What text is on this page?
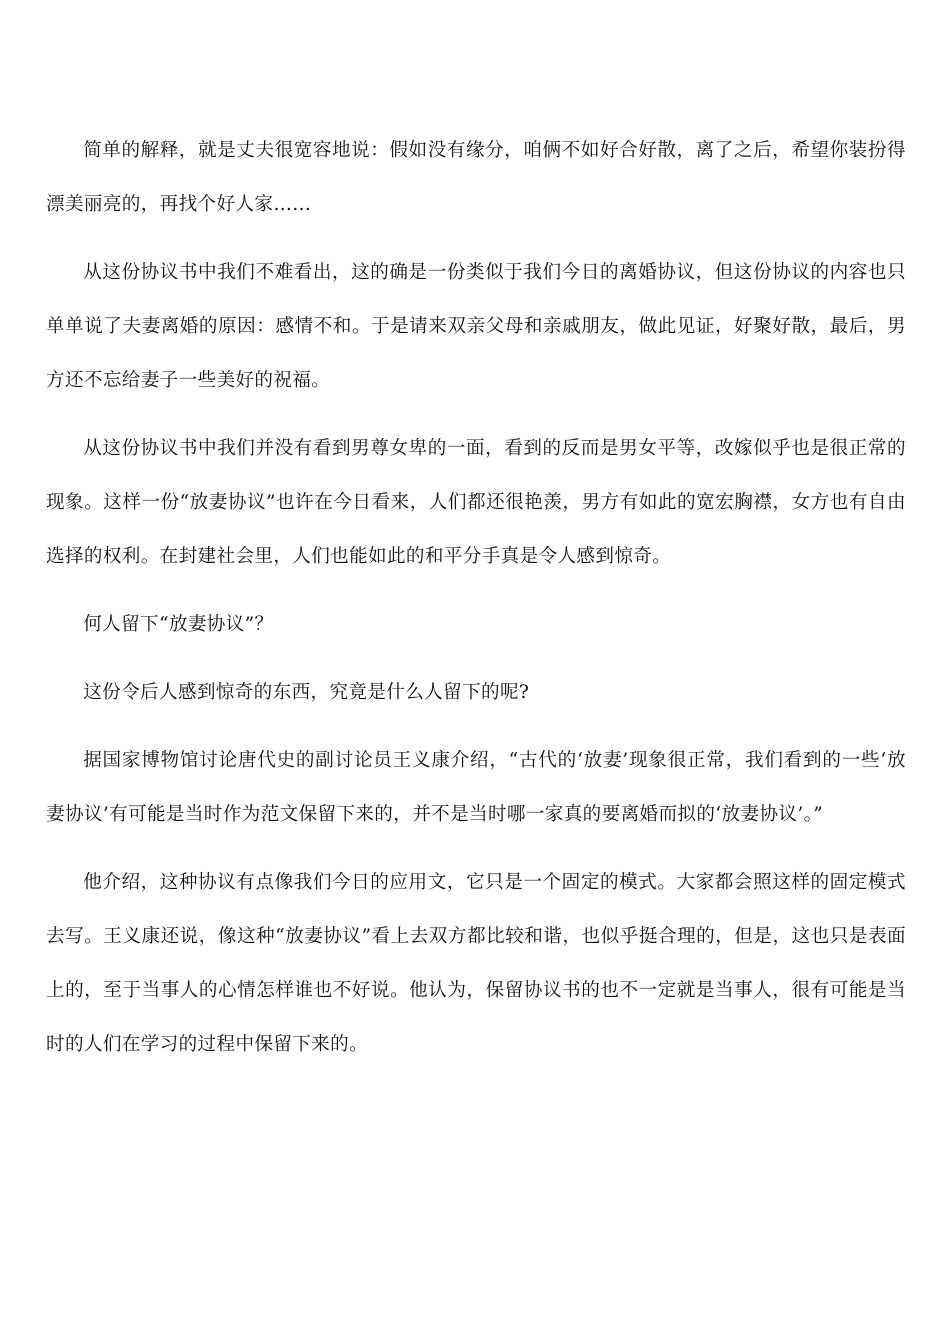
简单的解释，就是丈夫很宽容地说：假如没有缘分，咱俩不如好合好散，离了之后，希望你装扮得漂美丽亮的，再找个好人家……

从这份协议书中我们不难看出，这的确是一份类似于我们今日的离婚协议，但这份协议的内容也只单单说了夫妻离婚的原因：感情不和。于是请来双亲父母和亲戚朋友，做此见证，好聚好散，最后，男方还不忘给妻子一些美好的祝福。

从这份协议书中我们并没有看到男尊女卑的一面，看到的反而是男女平等，改嫁似乎也是很正常的现象。这样一份“放妻协议”也许在今日看来，人们都还很艳羡，男方有如此的宽宏胸襟，女方也有自由选择的权利。在封建社会里，人们也能如此的和平分手真是令人感到惊奇。

何人留下“放妻协议”？

这份令后人感到惊奇的东西，究竟是什么人留下的呢?

据国家博物馆讨论唐代史的副讨论员王义康介绍，“古代的‘放妻’现象很正常，我们看到的一些‘放妻协议’有可能是当时作为范文保留下来的，并不是当时哪一家真的要离婚而拟的‘放妻协议’。”

他介绍，这种协议有点像我们今日的应用文，它只是一个固定的模式。大家都会照这样的固定模式去写。王义康还说，像这种“放妻协议”看上去双方都比较和谐，也似乎挺合理的，但是，这也只是表面上的，至于当事人的心情怎样谁也不好说。他认为，保留协议书的也不一定就是当事人，很有可能是当时的人们在学习的过程中保留下来的。
